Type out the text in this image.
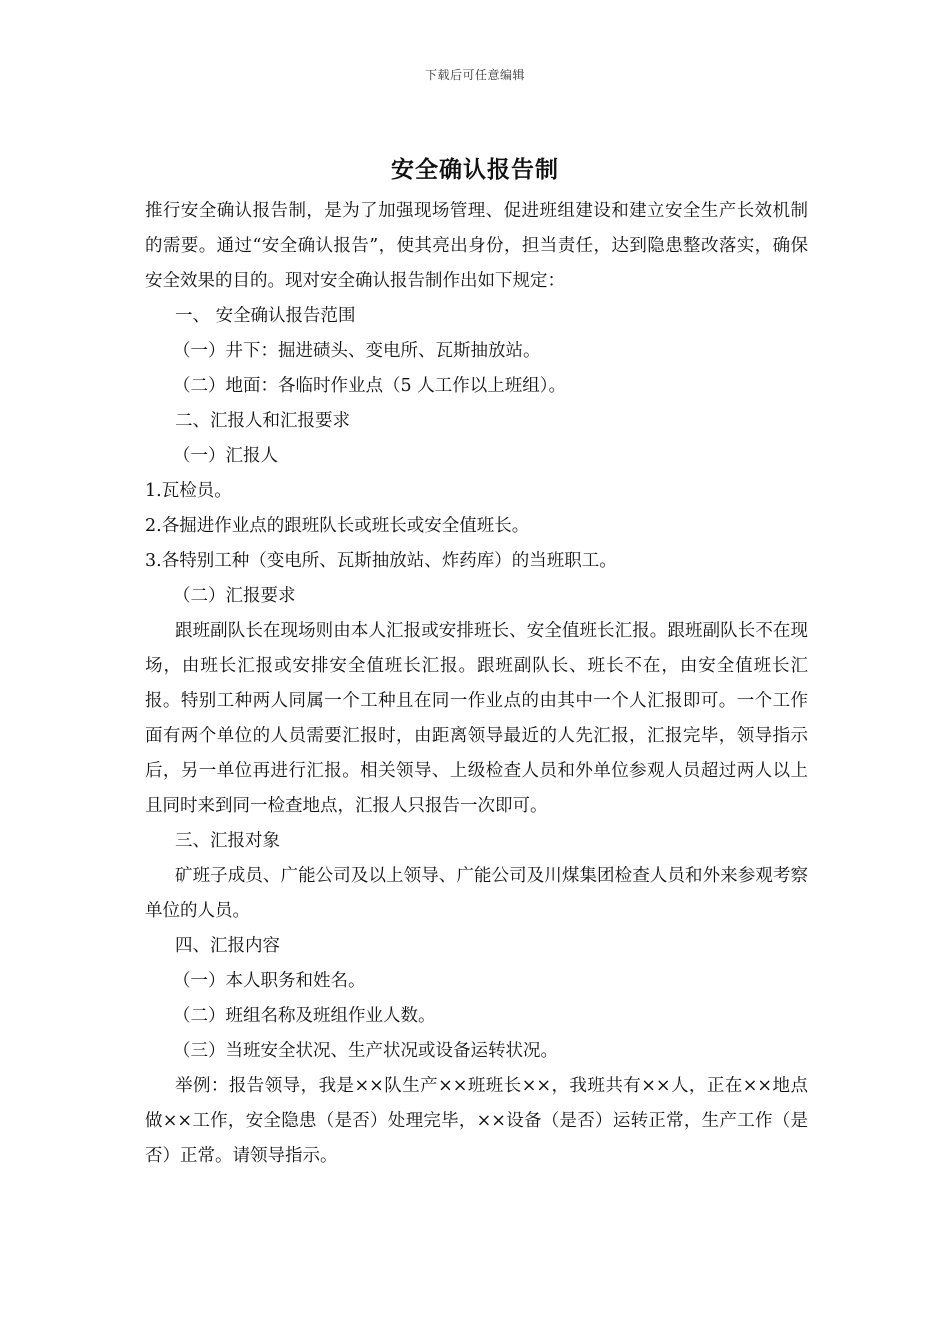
下载后可任意编辑
安全确认报告制

推行安全确认报告制，是为了加强现场管理、促进班组建设和建立安全生产长效机制的需要。通过“安全确认报告”，使其亮出身份，担当责任，达到隐患整改落实，确保安全效果的目的。现对安全确认报告制作出如下规定：

一、 安全确认报告范围

（一）井下：掘进碛头、变电所、瓦斯抽放站。

（二）地面：各临时作业点（5 人工作以上班组）。

二、汇报人和汇报要求

（一）汇报人

1.瓦检员。

2.各掘进作业点的跟班队长或班长或安全值班长。

3.各特别工种（变电所、瓦斯抽放站、炸药库）的当班职工。

（二）汇报要求

跟班副队长在现场则由本人汇报或安排班长、安全值班长汇报。跟班副队长不在现场，由班长汇报或安排安全值班长汇报。跟班副队长、班长不在，由安全值班长汇报。特别工种两人同属一个工种且在同一作业点的由其中一个人汇报即可。一个工作面有两个单位的人员需要汇报时，由距离领导最近的人先汇报，汇报完毕，领导指示后，另一单位再进行汇报。相关领导、上级检查人员和外单位参观人员超过两人以上且同时来到同一检查地点，汇报人只报告一次即可。

三、汇报对象

矿班子成员、广能公司及以上领导、广能公司及川煤集团检查人员和外来参观考察单位的人员。

四、汇报内容

（一）本人职务和姓名。

（二）班组名称及班组作业人数。

（三）当班安全状况、生产状况或设备运转状况。

举例：报告领导，我是××队生产××班班长××，我班共有××人，正在××地点做××工作，安全隐患（是否）处理完毕，××设备（是否）运转正常，生产工作（是否）正常。请领导指示。
